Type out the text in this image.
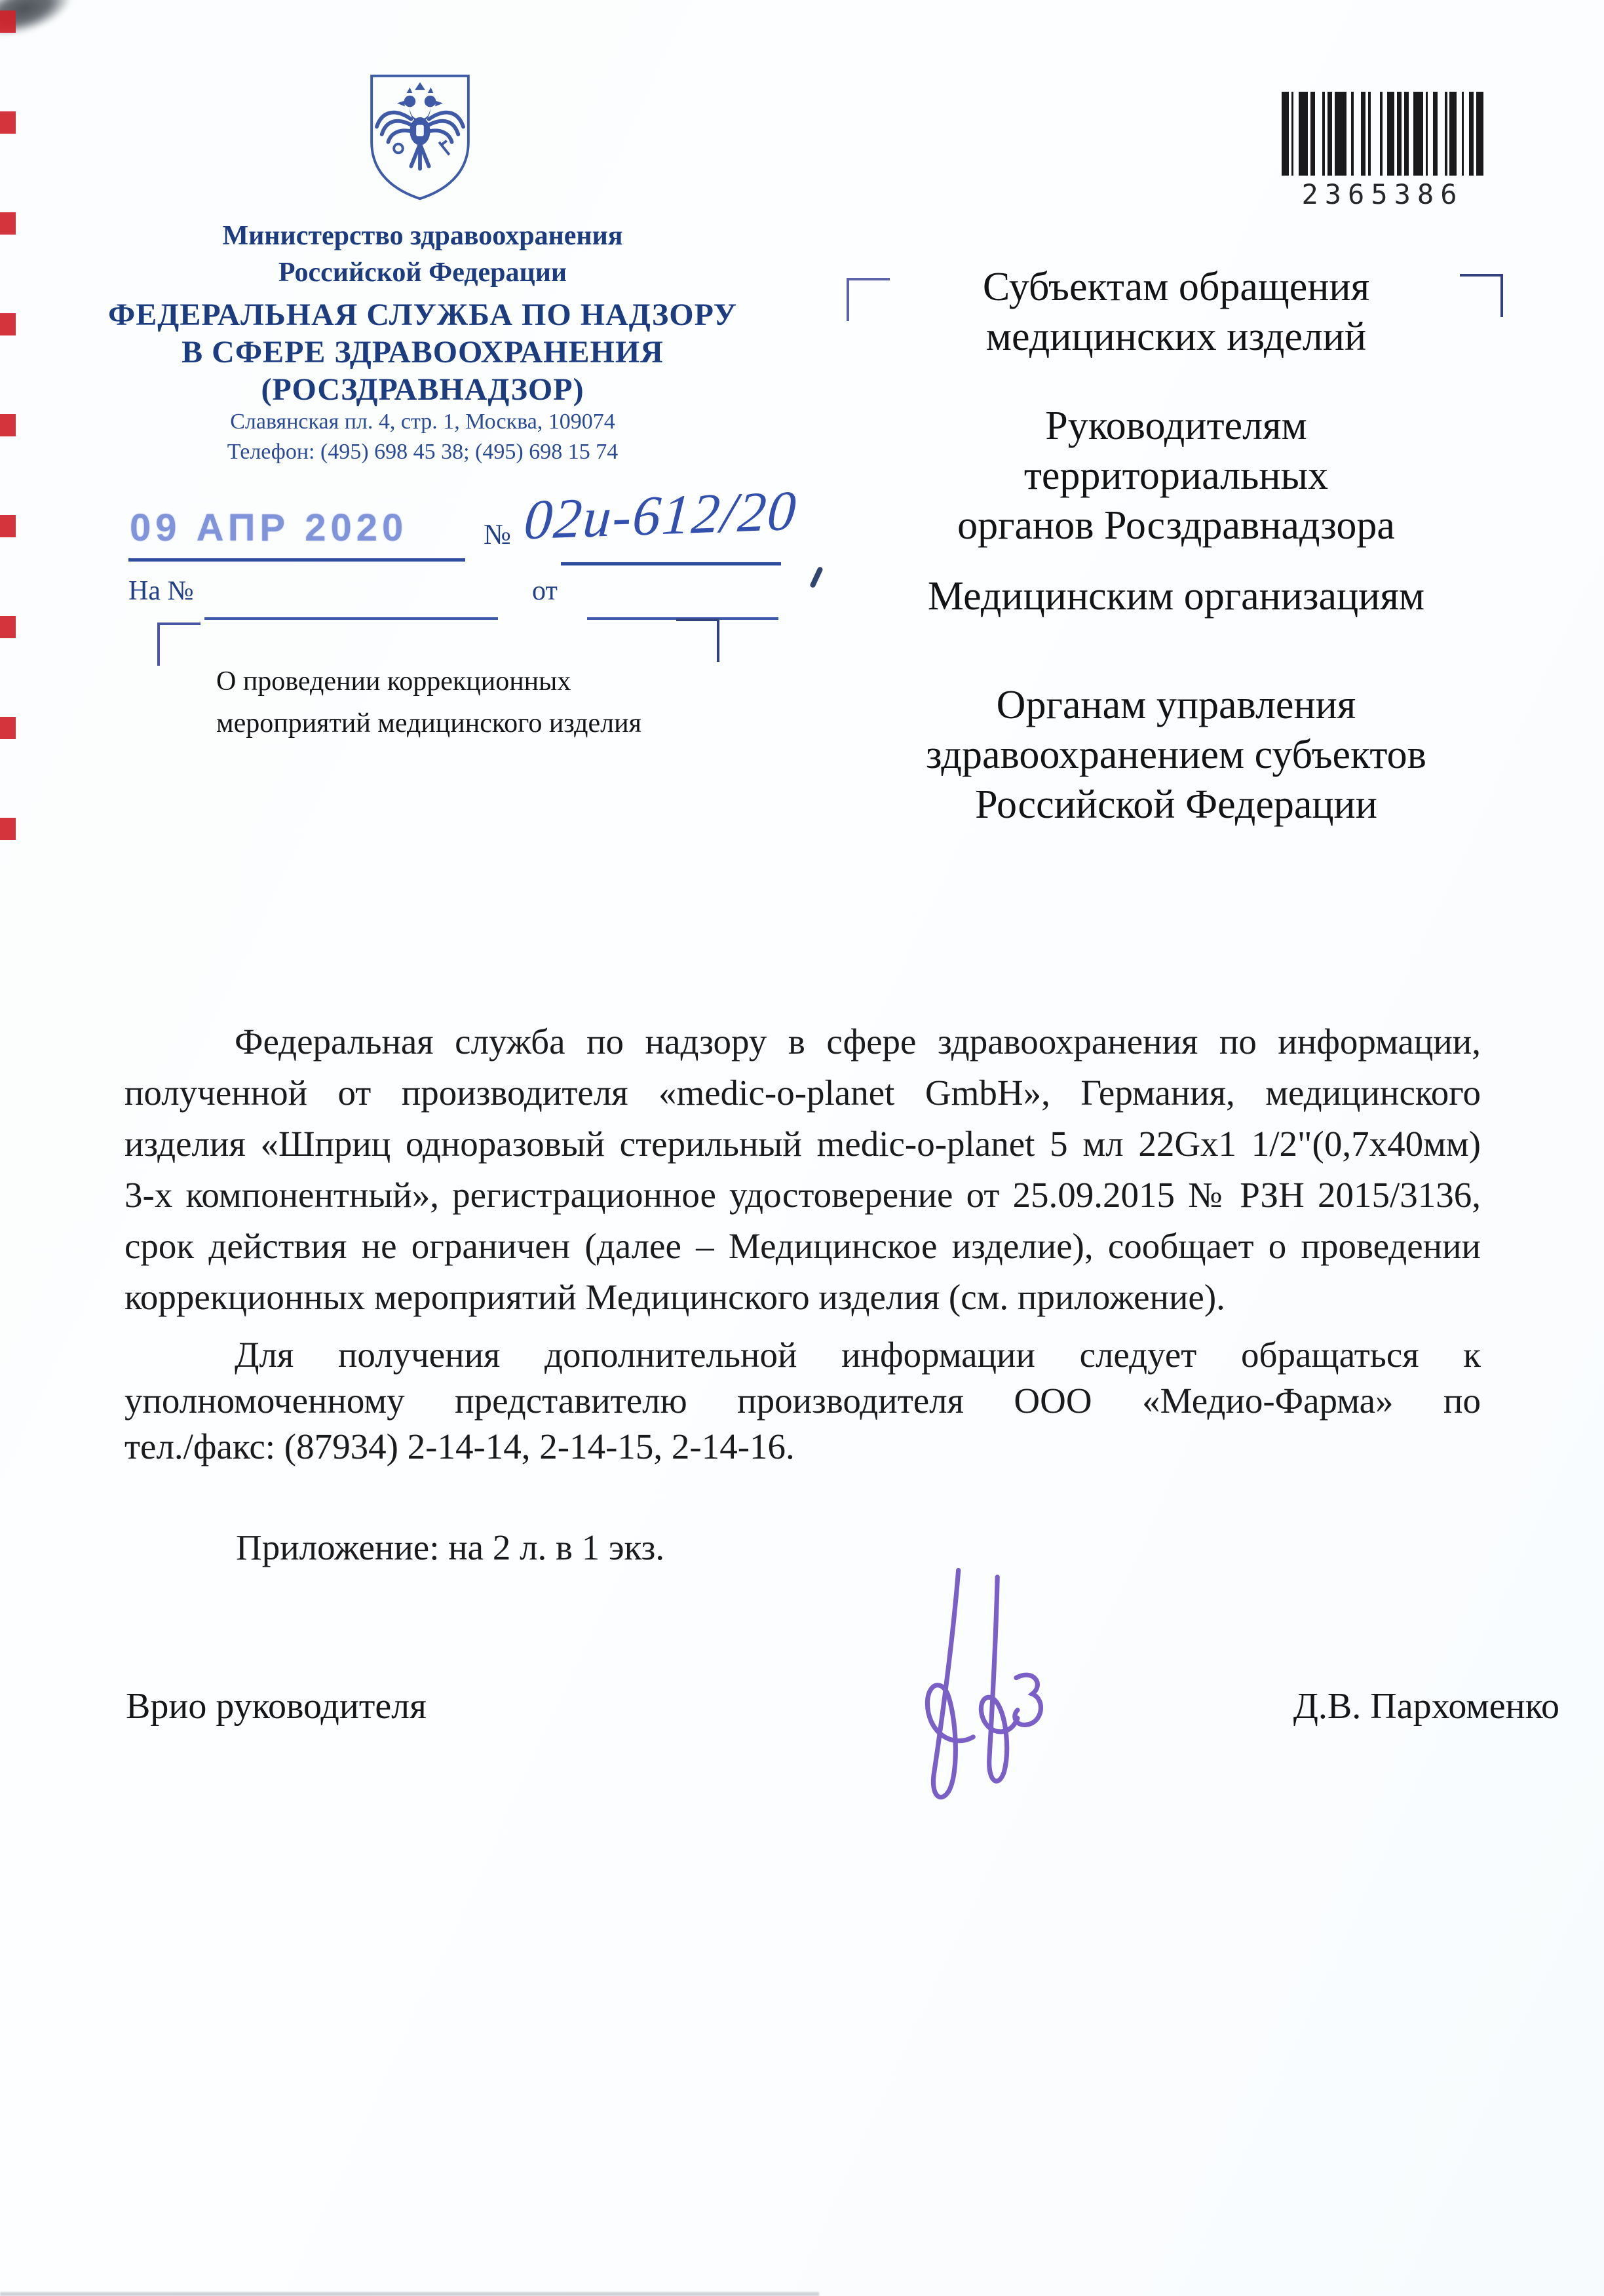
Министерство здравоохранения
Российской Федерации
ФЕДЕРАЛЬНАЯ СЛУЖБА ПО НАДЗОРУ
В СФЕРЕ ЗДРАВООХРАНЕНИЯ
(РОСЗДРАВНАДЗОР)
Славянская пл. 4, стр. 1, Москва, 109074
Телефон: (495) 698 45 38; (495) 698 15 74
09 АПР 2020	№ 02и-612/20
На №	от
О проведении коррекционных
мероприятий медицинского изделия
2365386
Субъектам обращения
медицинских изделий
Руководителям
территориальных
органов Росздравнадзора
Медицинским организациям
Органам управления
здравоохранением субъектов
Российской Федерации
Федеральная служба по надзору в сфере здравоохранения по информации,
полученной от производителя «medic-o-planet GmbH», Германия, медицинского
изделия «Шприц одноразовый стерильный medic-o-planet 5 мл 22Gx1 1/2"(0,7х40мм)
3-х компонентный», регистрационное удостоверение от 25.09.2015 № РЗН 2015/3136,
срок действия не ограничен (далее – Медицинское изделие), сообщает о проведении
коррекционных мероприятий Медицинского изделия (см. приложение).
Для получения дополнительной информации следует обращаться к
уполномоченному представителю производителя ООО «Медио-Фарма» по
тел./факс: (87934) 2-14-14, 2-14-15, 2-14-16.
Приложение: на 2 л. в 1 экз.
Врио руководителя	Д.В. Пархоменко
